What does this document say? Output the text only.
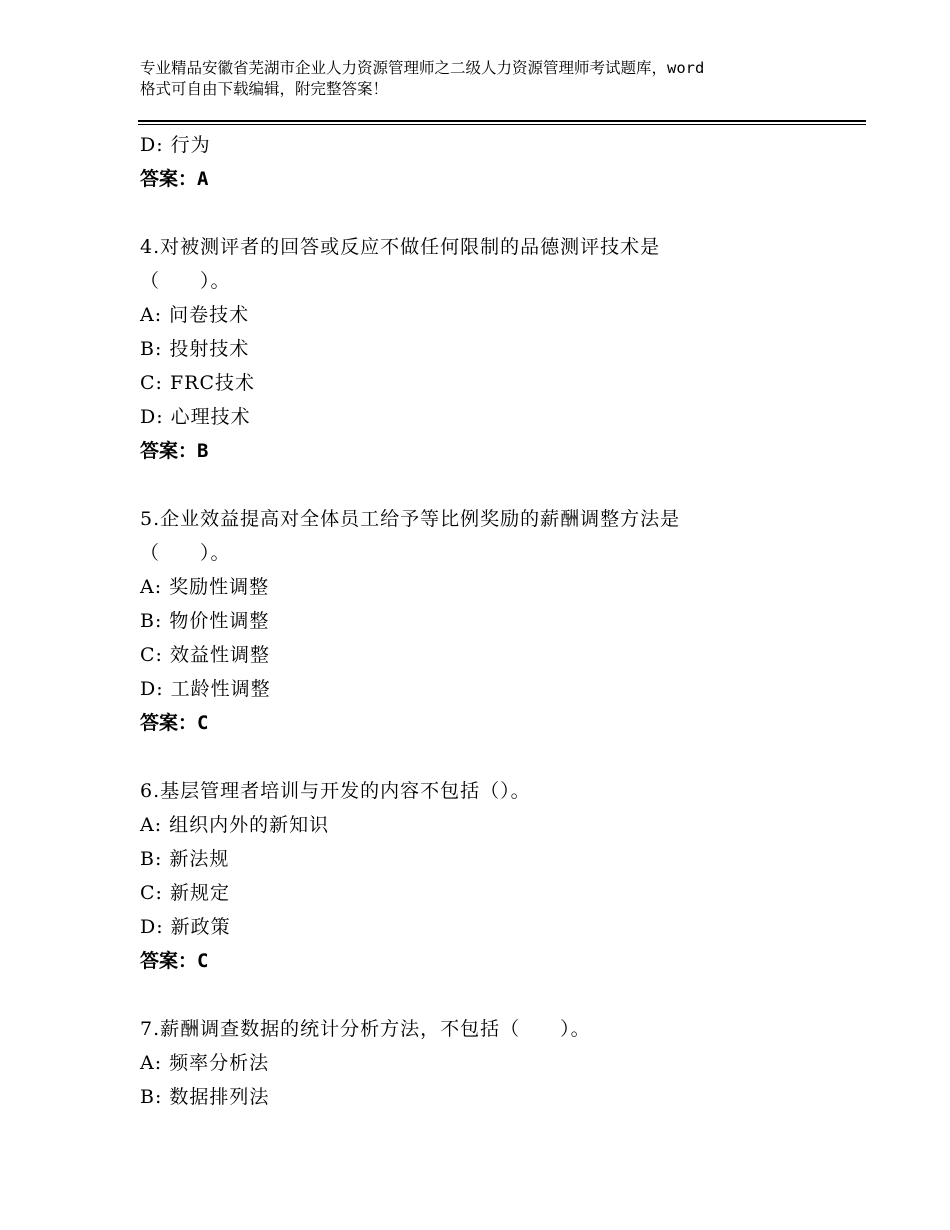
专业精品安徽省芜湖市企业人力资源管理师之二级人力资源管理师考试题库，word
格式可自由下载编辑，附完整答案！
D: 行为
答案：A
4.对被测评者的回答或反应不做任何限制的品德测评技术是
（　　）。
A: 问卷技术
B: 投射技术
C: FRC技术
D: 心理技术
答案：B
5.企业效益提高对全体员工给予等比例奖励的薪酬调整方法是
（　　）。
A: 奖励性调整
B: 物价性调整
C: 效益性调整
D: 工龄性调整
答案：C
6.基层管理者培训与开发的内容不包括（）。
A: 组织内外的新知识
B: 新法规
C: 新规定
D: 新政策
答案：C
7.薪酬调查数据的统计分析方法，不包括（　　）。
A: 频率分析法
B: 数据排列法
